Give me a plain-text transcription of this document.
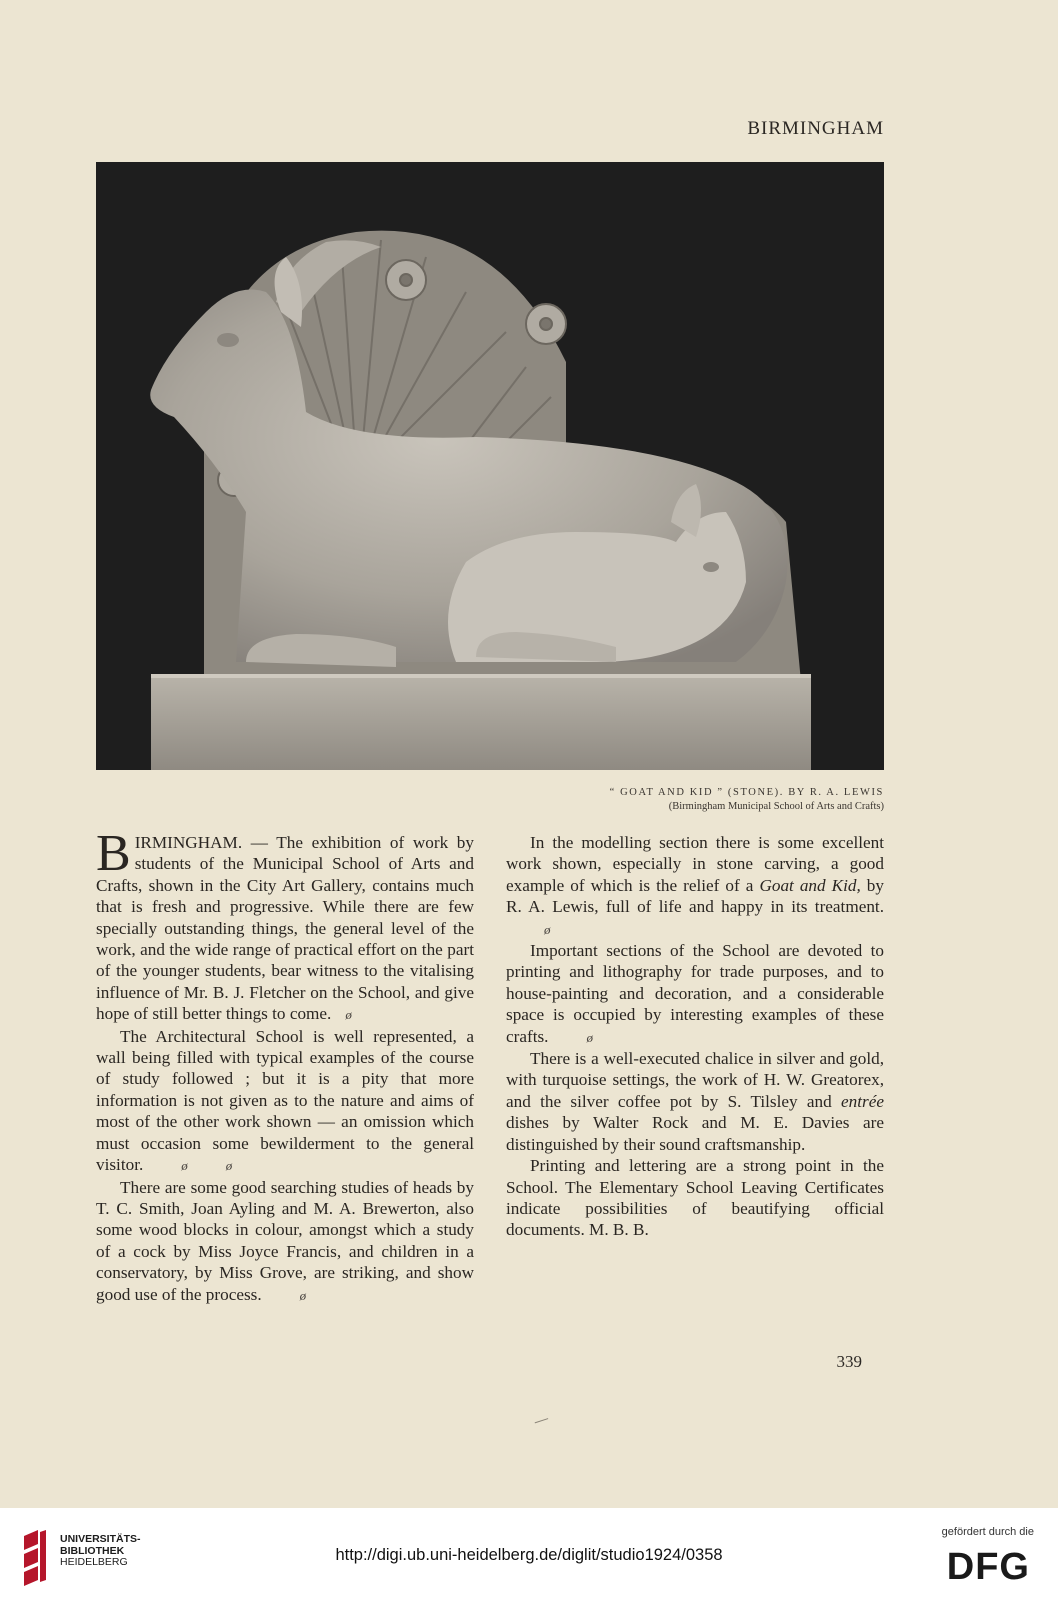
BIRMINGHAM
“ GOAT AND KID ” (STONE). BY R. A. LEWIS
(Birmingham Municipal School of Arts and Crafts)

BIRMINGHAM. — The exhibition of work by students of the Municipal School of Arts and Crafts, shown in the City Art Gallery, contains much that is fresh and progressive. While there are few specially outstanding things, the general level of the work, and the wide range of practical effort on the part of the younger students, bear witness to the vitalising influence of Mr. B. J. Fletcher on the School, and give hope of still better things to come. ø

The Architectural School is well represented, a wall being filled with typical examples of the course of study followed ; but it is a pity that more information is not given as to the nature and aims of most of the other work shown — an omission which must occasion some bewilderment to the general visitor.	ø	ø

There are some good searching studies of heads by T. C. Smith, Joan Ayling and M. A. Brewerton, also some wood blocks in colour, amongst which a study of a cock by Miss Joyce Francis, and children in a conservatory, by Miss Grove, are striking, and show good use of the process.	ø

In the modelling section there is some excellent work shown, especially in stone carving, a good example of which is the relief of a Goat and Kid, by R. A. Lewis, full of life and happy in its treatment.ø

Important sections of the School are devoted to printing and lithography for trade purposes, and to house-painting and decoration, and a considerable space is occupied by interesting examples of these crafts.	ø

There is a well-executed chalice in silver and gold, with turquoise settings, the work of H. W. Greatorex, and the silver coffee pot by S. Tilsley and entrée dishes by Walter Rock and M. E. Davies are distinguished by their sound craftsmanship.

Printing and lettering are a strong point in the School. The Elementary School Leaving Certificates indicate possibilities of beautifying official documents. M. B. B.

339
UNIVERSITÄTS-
BIBLIOTHEK
HEIDELBERG	http://digi.ub.uni-heidelberg.de/diglit/studio1924/0358
gefördert durch die
DFG
